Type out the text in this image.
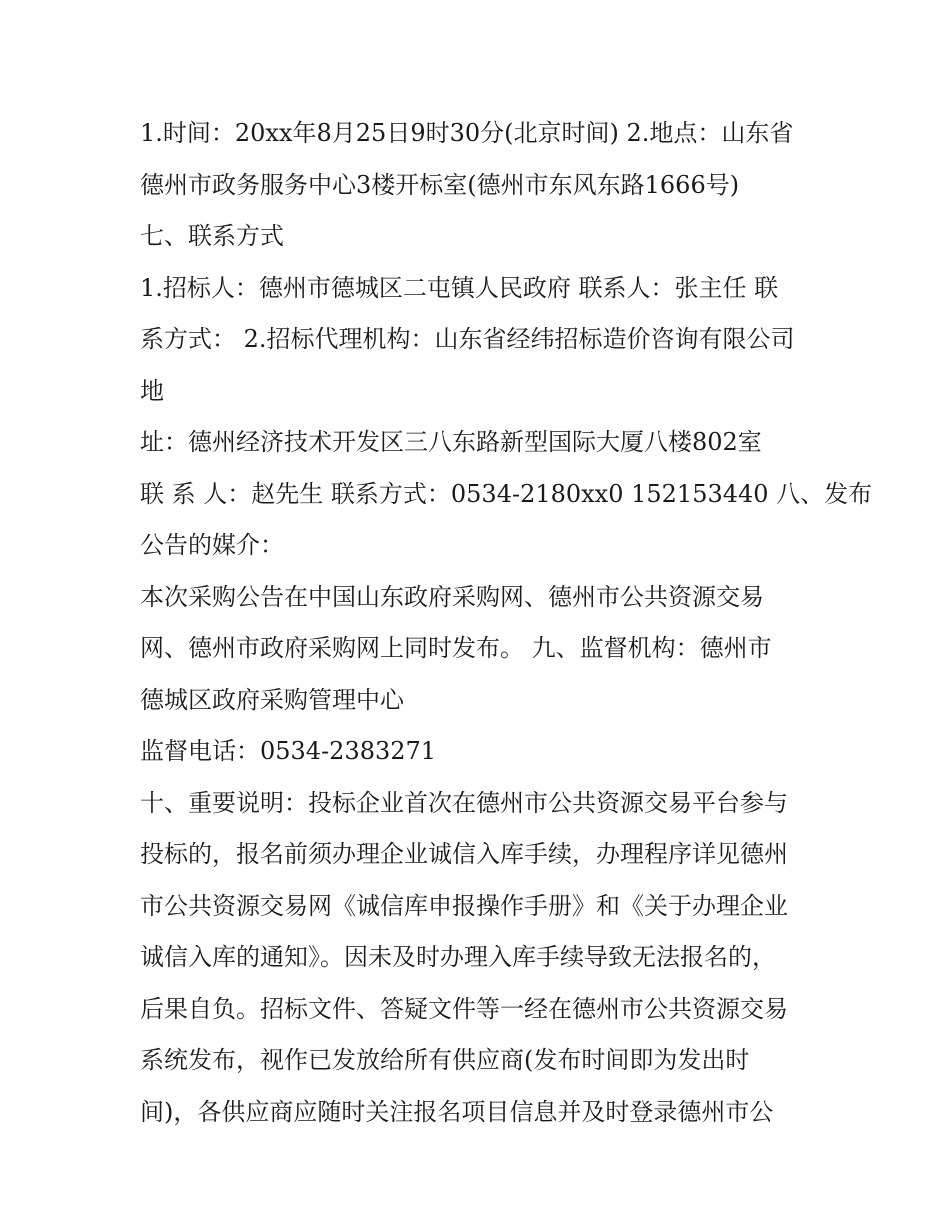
1.时间：20xx年8月25日9时30分(北京时间) 2.地点：山东省
德州市政务服务中心3楼开标室(德州市东风东路1666号)
七、联系方式
1.招标人：德州市德城区二屯镇人民政府 联系人：张主任 联
系方式： 2.招标代理机构：山东省经纬招标造价咨询有限公司
地
址：德州经济技术开发区三八东路新型国际大厦八楼802室
联 系 人：赵先生 联系方式：0534-2180xx0 152153440 八、发布
公告的媒介：
本次采购公告在中国山东政府采购网、德州市公共资源交易
网、德州市政府采购网上同时发布。 九、监督机构：德州市
德城区政府采购管理中心
监督电话：0534-2383271
十、重要说明：投标企业首次在德州市公共资源交易平台参与
投标的，报名前须办理企业诚信入库手续，办理程序详见德州
市公共资源交易网《诚信库申报操作手册》和《关于办理企业
诚信入库的通知》。因未及时办理入库手续导致无法报名的，
后果自负。招标文件、答疑文件等一经在德州市公共资源交易
系统发布，视作已发放给所有供应商(发布时间即为发出时
间)，各供应商应随时关注报名项目信息并及时登录德州市公
